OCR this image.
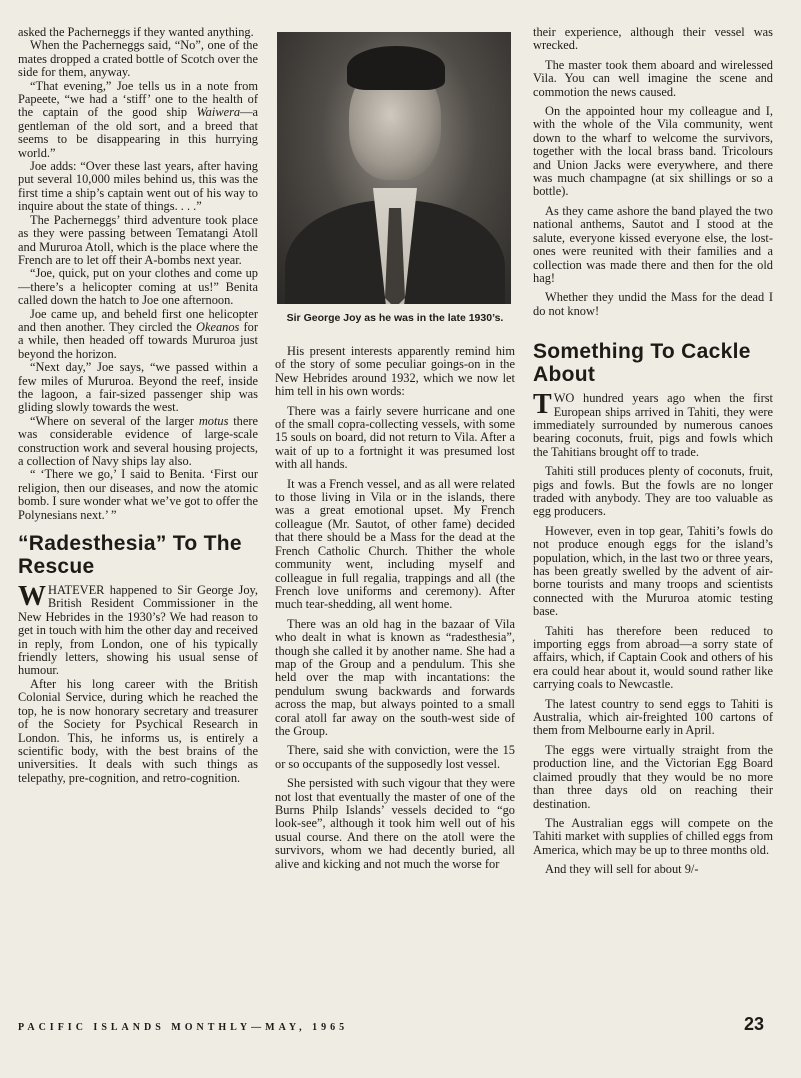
asked the Pacherneggs if they wanted anything.

When the Pacherneggs said, “No”, one of the mates dropped a crated bottle of Scotch over the side for them, anyway.

“That evening,” Joe tells us in a note from Papeete, “we had a ‘stiff’ one to the health of the captain of the good ship Waiwera—a gentleman of the old sort, and a breed that seems to be disappearing in this hurrying world.”

Joe adds: “Over these last years, after having put several 10,000 miles behind us, this was the first time a ship’s captain went out of his way to inquire about the state of things. . . .”

The Pacherneggs’ third adventure took place as they were passing between Tematangi Atoll and Mururoa Atoll, which is the place where the French are to let off their A-bombs next year.

“Joe, quick, put on your clothes and come up—there’s a helicopter coming at us!” Benita called down the hatch to Joe one afternoon.

Joe came up, and beheld first one helicopter and then another. They circled the Okeanos for a while, then headed off towards Mururoa just beyond the horizon.

“Next day,” Joe says, “we passed within a few miles of Mururoa. Beyond the reef, inside the lagoon, a fair-sized passenger ship was gliding slowly towards the west.

“Where on several of the larger motus there was considerable evidence of large-scale construction work and several housing projects, a collection of Navy ships lay also.

“ ‘There we go,’ I said to Benita. ‘First our religion, then our diseases, and now the atomic bomb. I sure wonder what we’ve got to offer the Polynesians next.’ ”

“Radesthesia” To The Rescue

WHATEVER happened to Sir George Joy, British Resident Commissioner in the New Hebrides in the 1930’s? We had reason to get in touch with him the other day and received in reply, from London, one of his typically friendly letters, showing his usual sense of humour.

After his long career with the British Colonial Service, during which he reached the top, he is now honorary secretary and treasurer of the Society for Psychical Research in London. This, he informs us, is entirely a scientific body, with the best brains of the universities. It deals with such things as telepathy, pre-cognition, and retro-cognition.

Sir George Joy as he was in the late 1930’s.

His present interests apparently remind him of the story of some peculiar goings-on in the New Hebrides around 1932, which we now let him tell in his own words:

There was a fairly severe hurricane and one of the small copra-collecting vessels, with some 15 souls on board, did not return to Vila. After a wait of up to a fortnight it was presumed lost with all hands.

It was a French vessel, and as all were related to those living in Vila or in the islands, there was a great emotional upset. My French colleague (Mr. Sautot, of other fame) decided that there should be a Mass for the dead at the French Catholic Church. Thither the whole community went, including myself and colleague in full regalia, trappings and all (the French love uniforms and ceremony). After much tear-shedding, all went home.

There was an old hag in the bazaar of Vila who dealt in what is known as “radesthesia”, though she called it by another name. She had a map of the Group and a pendulum. This she held over the map with incantations: the pendulum swung backwards and forwards across the map, but always pointed to a small coral atoll far away on the south-west side of the Group.

There, said she with conviction, were the 15 or so occupants of the supposedly lost vessel.

She persisted with such vigour that they were not lost that eventually the master of one of the Burns Philp Islands’ vessels decided to “go look-see”, although it took him well out of his usual course. And there on the atoll were the survivors, whom we had decently buried, all alive and kicking and not much the worse for

their experience, although their vessel was wrecked.

The master took them aboard and wirelessed Vila. You can well imagine the scene and commotion the news caused.

On the appointed hour my colleague and I, with the whole of the Vila community, went down to the wharf to welcome the survivors, together with the local brass band. Tricolours and Union Jacks were everywhere, and there was much champagne (at six shillings or so a bottle).

As they came ashore the band played the two national anthems, Sautot and I stood at the salute, everyone kissed everyone else, the lost-ones were reunited with their families and a collection was made there and then for the old hag!

Whether they undid the Mass for the dead I do not know!

Something To Cackle About

TWO hundred years ago when the first European ships arrived in Tahiti, they were immediately surrounded by numerous canoes bearing coconuts, fruit, pigs and fowls which the Tahitians brought off to trade.

Tahiti still produces plenty of coconuts, fruit, pigs and fowls. But the fowls are no longer traded with anybody. They are too valuable as egg producers.

However, even in top gear, Tahiti’s fowls do not produce enough eggs for the island’s population, which, in the last two or three years, has been greatly swelled by the advent of air-borne tourists and many troops and scientists connected with the Mururoa atomic testing base.

Tahiti has therefore been reduced to importing eggs from abroad—a sorry state of affairs, which, if Captain Cook and others of his era could hear about it, would sound rather like carrying coals to Newcastle.

The latest country to send eggs to Tahiti is Australia, which air-freighted 100 cartons of them from Melbourne early in April.

The eggs were virtually straight from the production line, and the Victorian Egg Board claimed proudly that they would be no more than three days old on reaching their destination.

The Australian eggs will compete on the Tahiti market with supplies of chilled eggs from America, which may be up to three months old.

And they will sell for about 9/-

PACIFIC ISLANDS MONTHLY—MAY, 1965	23
